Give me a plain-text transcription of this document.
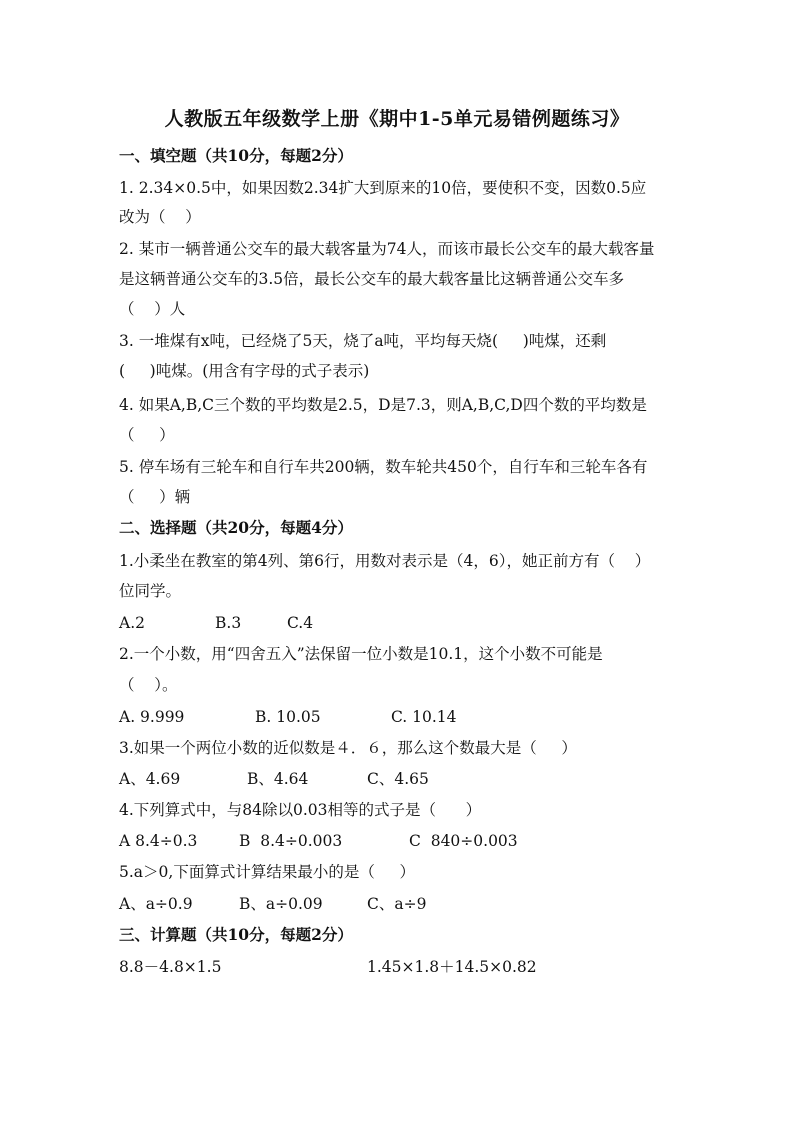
人教版五年级数学上册《期中1-5单元易错例题练习》
一、填空题（共10分，每题2分）
1. 2.34×0.5中，如果因数2.34扩大到原来的10倍，要使积不变，因数0.5应
改为（    ）
2. 某市一辆普通公交车的最大载客量为74人，而该市最长公交车的最大载客量
是这辆普通公交车的3.5倍，最长公交车的最大载客量比这辆普通公交车多
（    ）人
3. 一堆煤有x吨，已经烧了5天，烧了a吨，平均每天烧(     )吨煤，还剩
(     )吨煤。(用含有字母的式子表示)
4. 如果A,B,C三个数的平均数是2.5，D是7.3，则A,B,C,D四个数的平均数是
（     ）
5. 停车场有三轮车和自行车共200辆，数车轮共450个，自行车和三轮车各有
（     ）辆
二、选择题（共20分，每题4分）
1.小柔坐在教室的第4列、第6行，用数对表示是（4，6），她正前方有（    ）
位同学。
A.2	B.3	C.4
2.一个小数，用“四舍五入”法保留一位小数是10.1，这个小数不可能是
（    ）。
A. 9.999	B. 10.05	C. 10.14
3.如果一个两位小数的近似数是４．６，那么这个数最大是（     ）
A、4.69	B、4.64	C、4.65
4.下列算式中，与84除以0.03相等的式子是（      ）
A 8.4÷0.3	B  8.4÷0.003	C  840÷0.003
5.a＞0,下面算式计算结果最小的是（     ）
A、a÷0.9	B、a÷0.09	C、a÷9
三、计算题（共10分，每题2分）
8.8－4.8×1.5	1.45×1.8＋14.5×0.82
